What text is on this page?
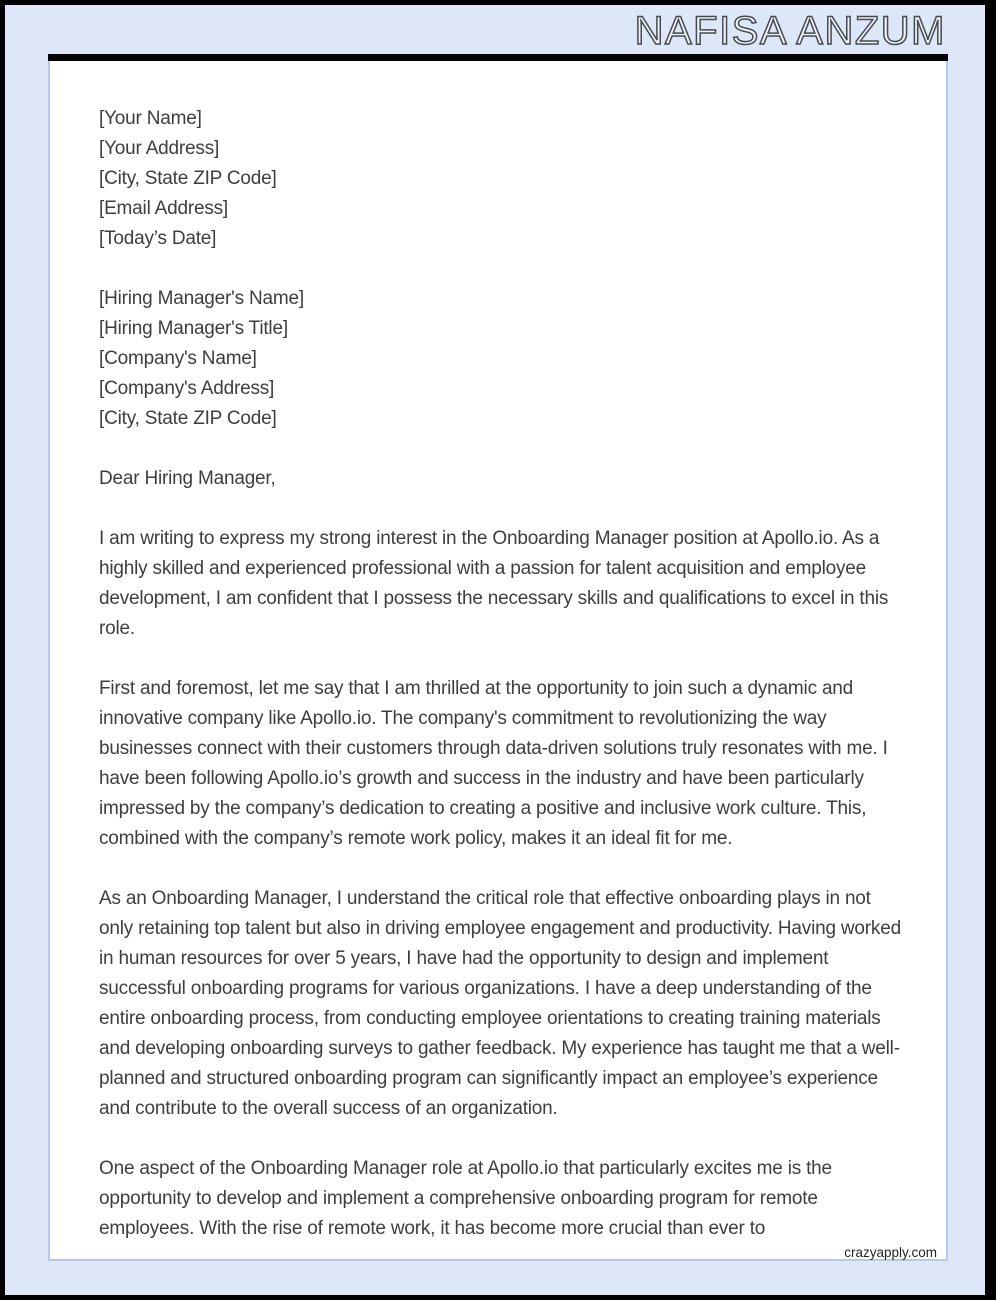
NAFISA ANZUM
[Your Name]
[Your Address]
[City, State ZIP Code]
[Email Address]
[Today’s Date]
[Hiring Manager's Name]
[Hiring Manager's Title]
[Company's Name]
[Company's Address]
[City, State ZIP Code]
Dear Hiring Manager,

I am writing to express my strong interest in the Onboarding Manager position at Apollo.io. As a highly skilled and experienced professional with a passion for talent acquisition and employee development, I am confident that I possess the necessary skills and qualifications to excel in this role.

First and foremost, let me say that I am thrilled at the opportunity to join such a dynamic and innovative company like Apollo.io. The company's commitment to revolutionizing the way businesses connect with their customers through data-driven solutions truly resonates with me. I have been following Apollo.io’s growth and success in the industry and have been particularly impressed by the company’s dedication to creating a positive and inclusive work culture. This, combined with the company’s remote work policy, makes it an ideal fit for me.

As an Onboarding Manager, I understand the critical role that effective onboarding plays in not only retaining top talent but also in driving employee engagement and productivity. Having worked in human resources for over 5 years, I have had the opportunity to design and implement successful onboarding programs for various organizations. I have a deep understanding of the entire onboarding process, from conducting employee orientations to creating training materials and developing onboarding surveys to gather feedback. My experience has taught me that a well-planned and structured onboarding program can significantly impact an employee’s experience and contribute to the overall success of an organization.

One aspect of the Onboarding Manager role at Apollo.io that particularly excites me is the opportunity to develop and implement a comprehensive onboarding program for remote employees. With the rise of remote work, it has become more crucial than ever to

crazyapply.com
